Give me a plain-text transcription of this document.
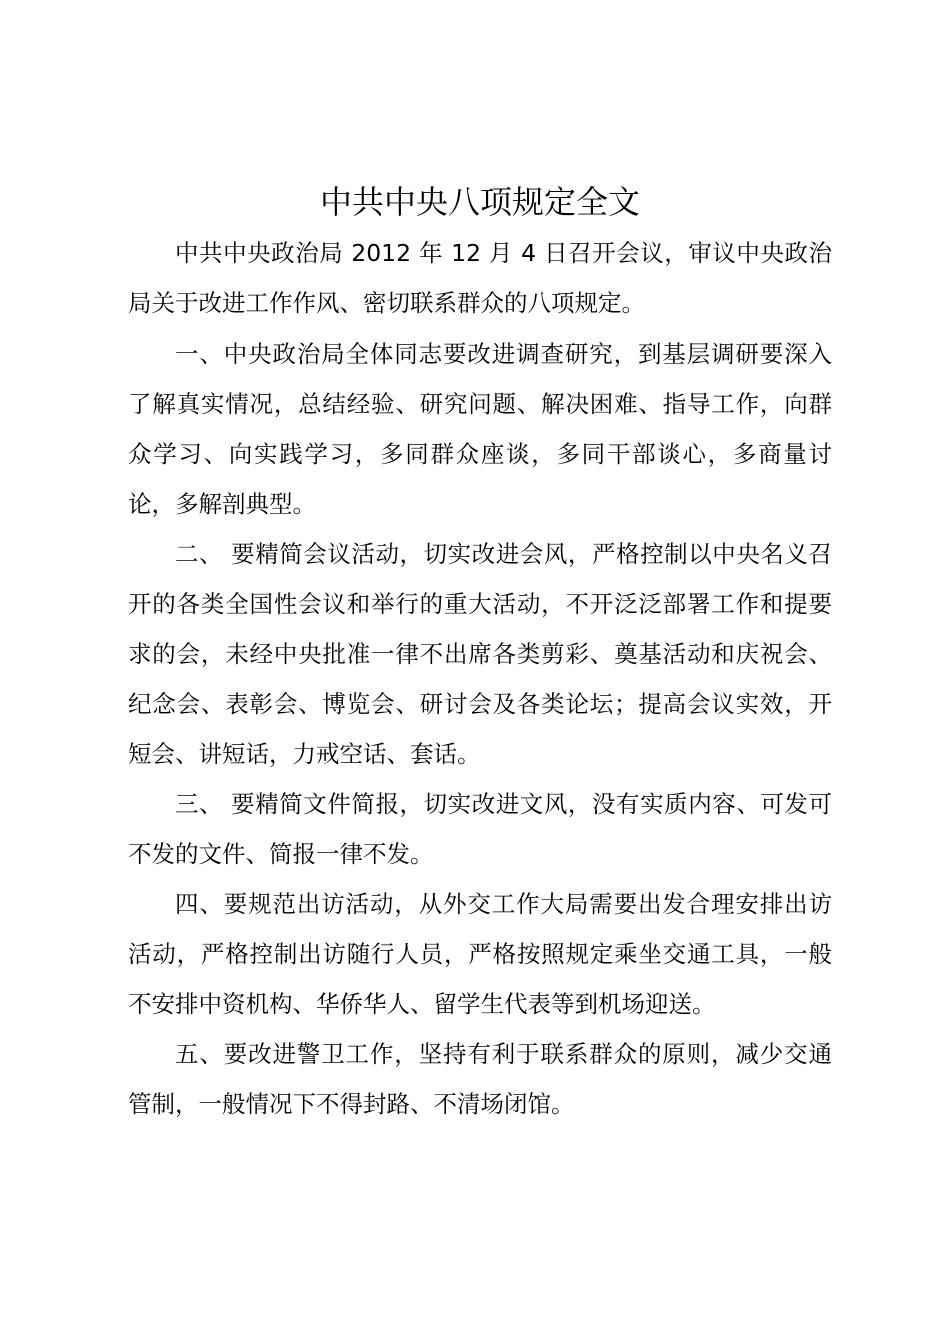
中共中央八项规定全文

中共中央政治局 2012 年 12 月 4 日召开会议，审议中央政治局关于改进工作作风、密切联系群众的八项规定。

一、中央政治局全体同志要改进调查研究，到基层调研要深入了解真实情况，总结经验、研究问题、解决困难、指导工作，向群众学习、向实践学习，多同群众座谈，多同干部谈心，多商量讨论，多解剖典型。

二、 要精简会议活动，切实改进会风，严格控制以中央名义召开的各类全国性会议和举行的重大活动，不开泛泛部署工作和提要求的会，未经中央批准一律不出席各类剪彩、奠基活动和庆祝会、纪念会、表彰会、博览会、研讨会及各类论坛；提高会议实效，开短会、讲短话，力戒空话、套话。

三、 要精简文件简报，切实改进文风，没有实质内容、可发可不发的文件、简报一律不发。

四、要规范出访活动，从外交工作大局需要出发合理安排出访活动，严格控制出访随行人员，严格按照规定乘坐交通工具，一般不安排中资机构、华侨华人、留学生代表等到机场迎送。

五、要改进警卫工作，坚持有利于联系群众的原则，减少交通管制，一般情况下不得封路、不清场闭馆。
